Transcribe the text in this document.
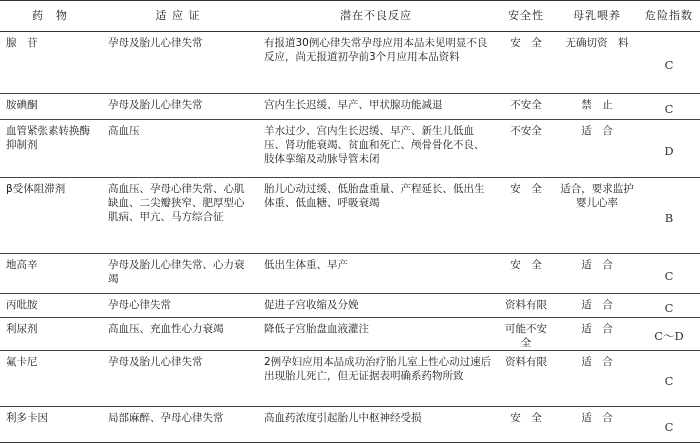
药　物	适 应 证	潜在不良反应	安全性	母乳喂养	危险指数
腺　苷	孕母及胎儿心律失常	有报道30例心律失常孕母应用本品未见明显不良反应，尚无报道初孕前3个月应用本品资料	安　全	无确切资　料	C
胺碘酮	孕母及胎儿心律失常	宫内生长迟缓、早产、甲状腺功能减退	不安全	禁　止	C
血管紧张素转换酶抑制剂	高血压	羊水过少、宫内生长迟缓、早产、新生儿低血压、肾功能衰竭、贫血和死亡、颅骨骨化不良、肢体挛缩及动脉导管未闭	不安全	适　合	D
β受体阻滞剂	高血压、孕母心律失常、心肌缺血、二尖瓣狭窄、肥厚型心肌病、甲亢、马方综合征	胎儿心动过缓、低胎盘重量、产程延长、低出生体重、低血糖、呼吸衰竭	安　全	适合，要求监护婴儿心率	B
地高辛	孕母及胎儿心律失常、心力衰竭	低出生体重、早产	安　全	适　合	C
丙吡胺	孕母心律失常	促进子宫收缩及分娩	资料有限	适　合	C
利尿剂	高血压、充血性心力衰竭	降低子宫胎盘血液灌注	可能不安全	适　合	C～D
氟卡尼	孕母及胎儿心律失常	2例孕妇应用本品成功治疗胎儿室上性心动过速后出现胎儿死亡，但无证据表明确系药物所致	资料有限	适　合	C
利多卡因	局部麻醉、孕母心律失常	高血药浓度引起胎儿中枢神经受损	安　全	适　合	C
